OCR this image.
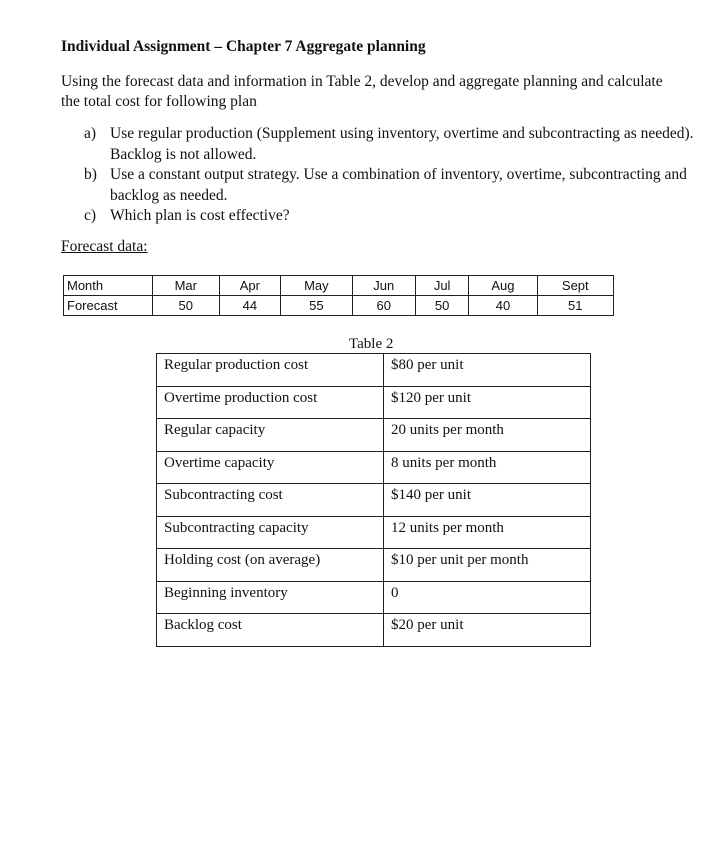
Individual Assignment – Chapter 7 Aggregate planning
Using the forecast data and information in Table 2, develop and aggregate planning and calculate the total cost for following plan
a) Use regular production (Supplement using inventory, overtime and subcontracting as needed). Backlog is not allowed.
b) Use a constant output strategy. Use a combination of inventory, overtime, subcontracting and backlog as needed.
c) Which plan is cost effective?
Forecast data:
Month	Mar	Apr	May	Jun	Jul	Aug	Sept
Forecast	50	44	55	60	50	40	51
Table 2
Regular production cost	$80 per unit
Overtime production cost	$120 per unit
Regular capacity	20 units per month
Overtime capacity	8 units per month
Subcontracting cost	$140 per unit
Subcontracting capacity	12 units per month
Holding cost (on average)	$10 per unit per month
Beginning inventory	0
Backlog cost	$20 per unit
